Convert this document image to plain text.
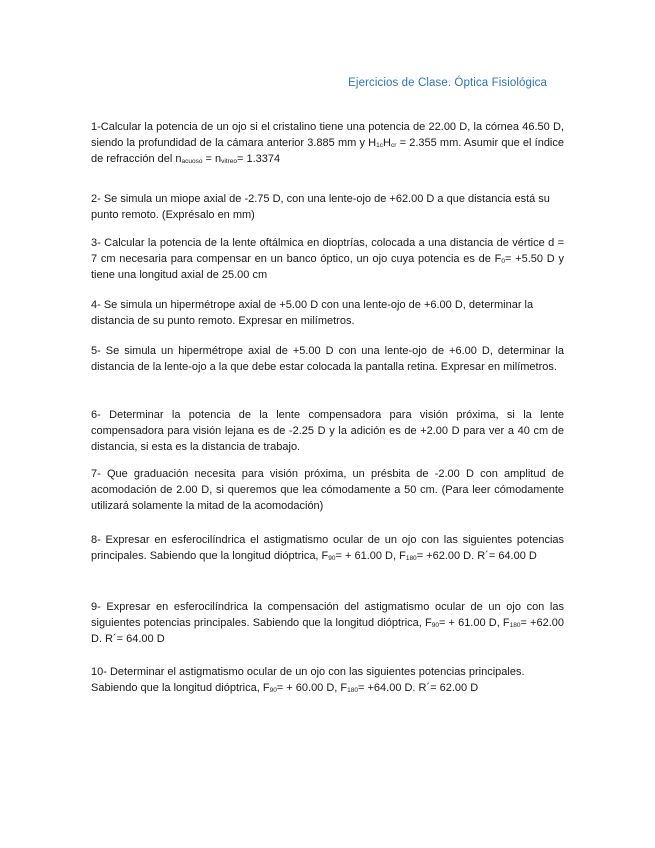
Ejercicios de Clase. Óptica Fisiológica

1-Calcular la potencia de un ojo si el cristalino tiene una potencia de 22.00 D, la córnea 46.50 D, siendo la profundidad de la cámara anterior 3.885 mm y $H_{1c}H_{cr} = 2.355$ mm. Asumir que el índice de refracción del $n_{acuoso} = n_{vitreo}= 1.3374$

2- Se simula un miope axial de -2.75 D, con una lente-ojo de +62.00 D a que distancia está su punto remoto. (Exprésalo en mm)

3- Calcular la potencia de la lente oftálmica en dioptrías, colocada a una distancia de vértice d = 7 cm necesaria para compensar en un banco óptico, un ojo cuya potencia es de $F_0= +5.50$ D y tiene una longitud axial de 25.00 cm

4- Se simula un hipermétrope axial de +5.00 D con una lente-ojo de +6.00 D, determinar la distancia de su punto remoto. Expresar en milímetros.

5- Se simula un hipermétrope axial de +5.00 D con una lente-ojo de +6.00 D, determinar la distancia de la lente-ojo a la que debe estar colocada la pantalla retina. Expresar en milímetros.

6- Determinar la potencia de la lente compensadora para visión próxima, si la lente compensadora para visión lejana es de -2.25 D y la adición es de +2.00 D para ver a 40 cm de distancia, si esta es la distancia de trabajo.

7- Que graduación necesita para visión próxima, un présbita de -2.00 D con amplitud de acomodación de 2.00 D, si queremos que lea cómodamente a 50 cm. (Para leer cómodamente utilizará solamente la mitad de la acomodación)

8- Expresar en esferocilíndrica el astigmatismo ocular de un ojo con las siguientes potencias principales. Sabiendo que la longitud dióptrica, $F_{90}= + 61.00$ D, $F_{180}= +62.00$ D. R´= 64.00 D

9- Expresar en esferocilíndrica la compensación del astigmatismo ocular de un ojo con las siguientes potencias principales. Sabiendo que la longitud dióptrica, $F_{90}= + 61.00$ D, $F_{180}= +62.00$ D. R´= 64.00 D

10- Determinar el astigmatismo ocular de un ojo con las siguientes potencias principales. Sabiendo que la longitud dióptrica, $F_{90}= + 60.00$ D, $F_{180}= +64.00$ D. R´= 62.00 D
